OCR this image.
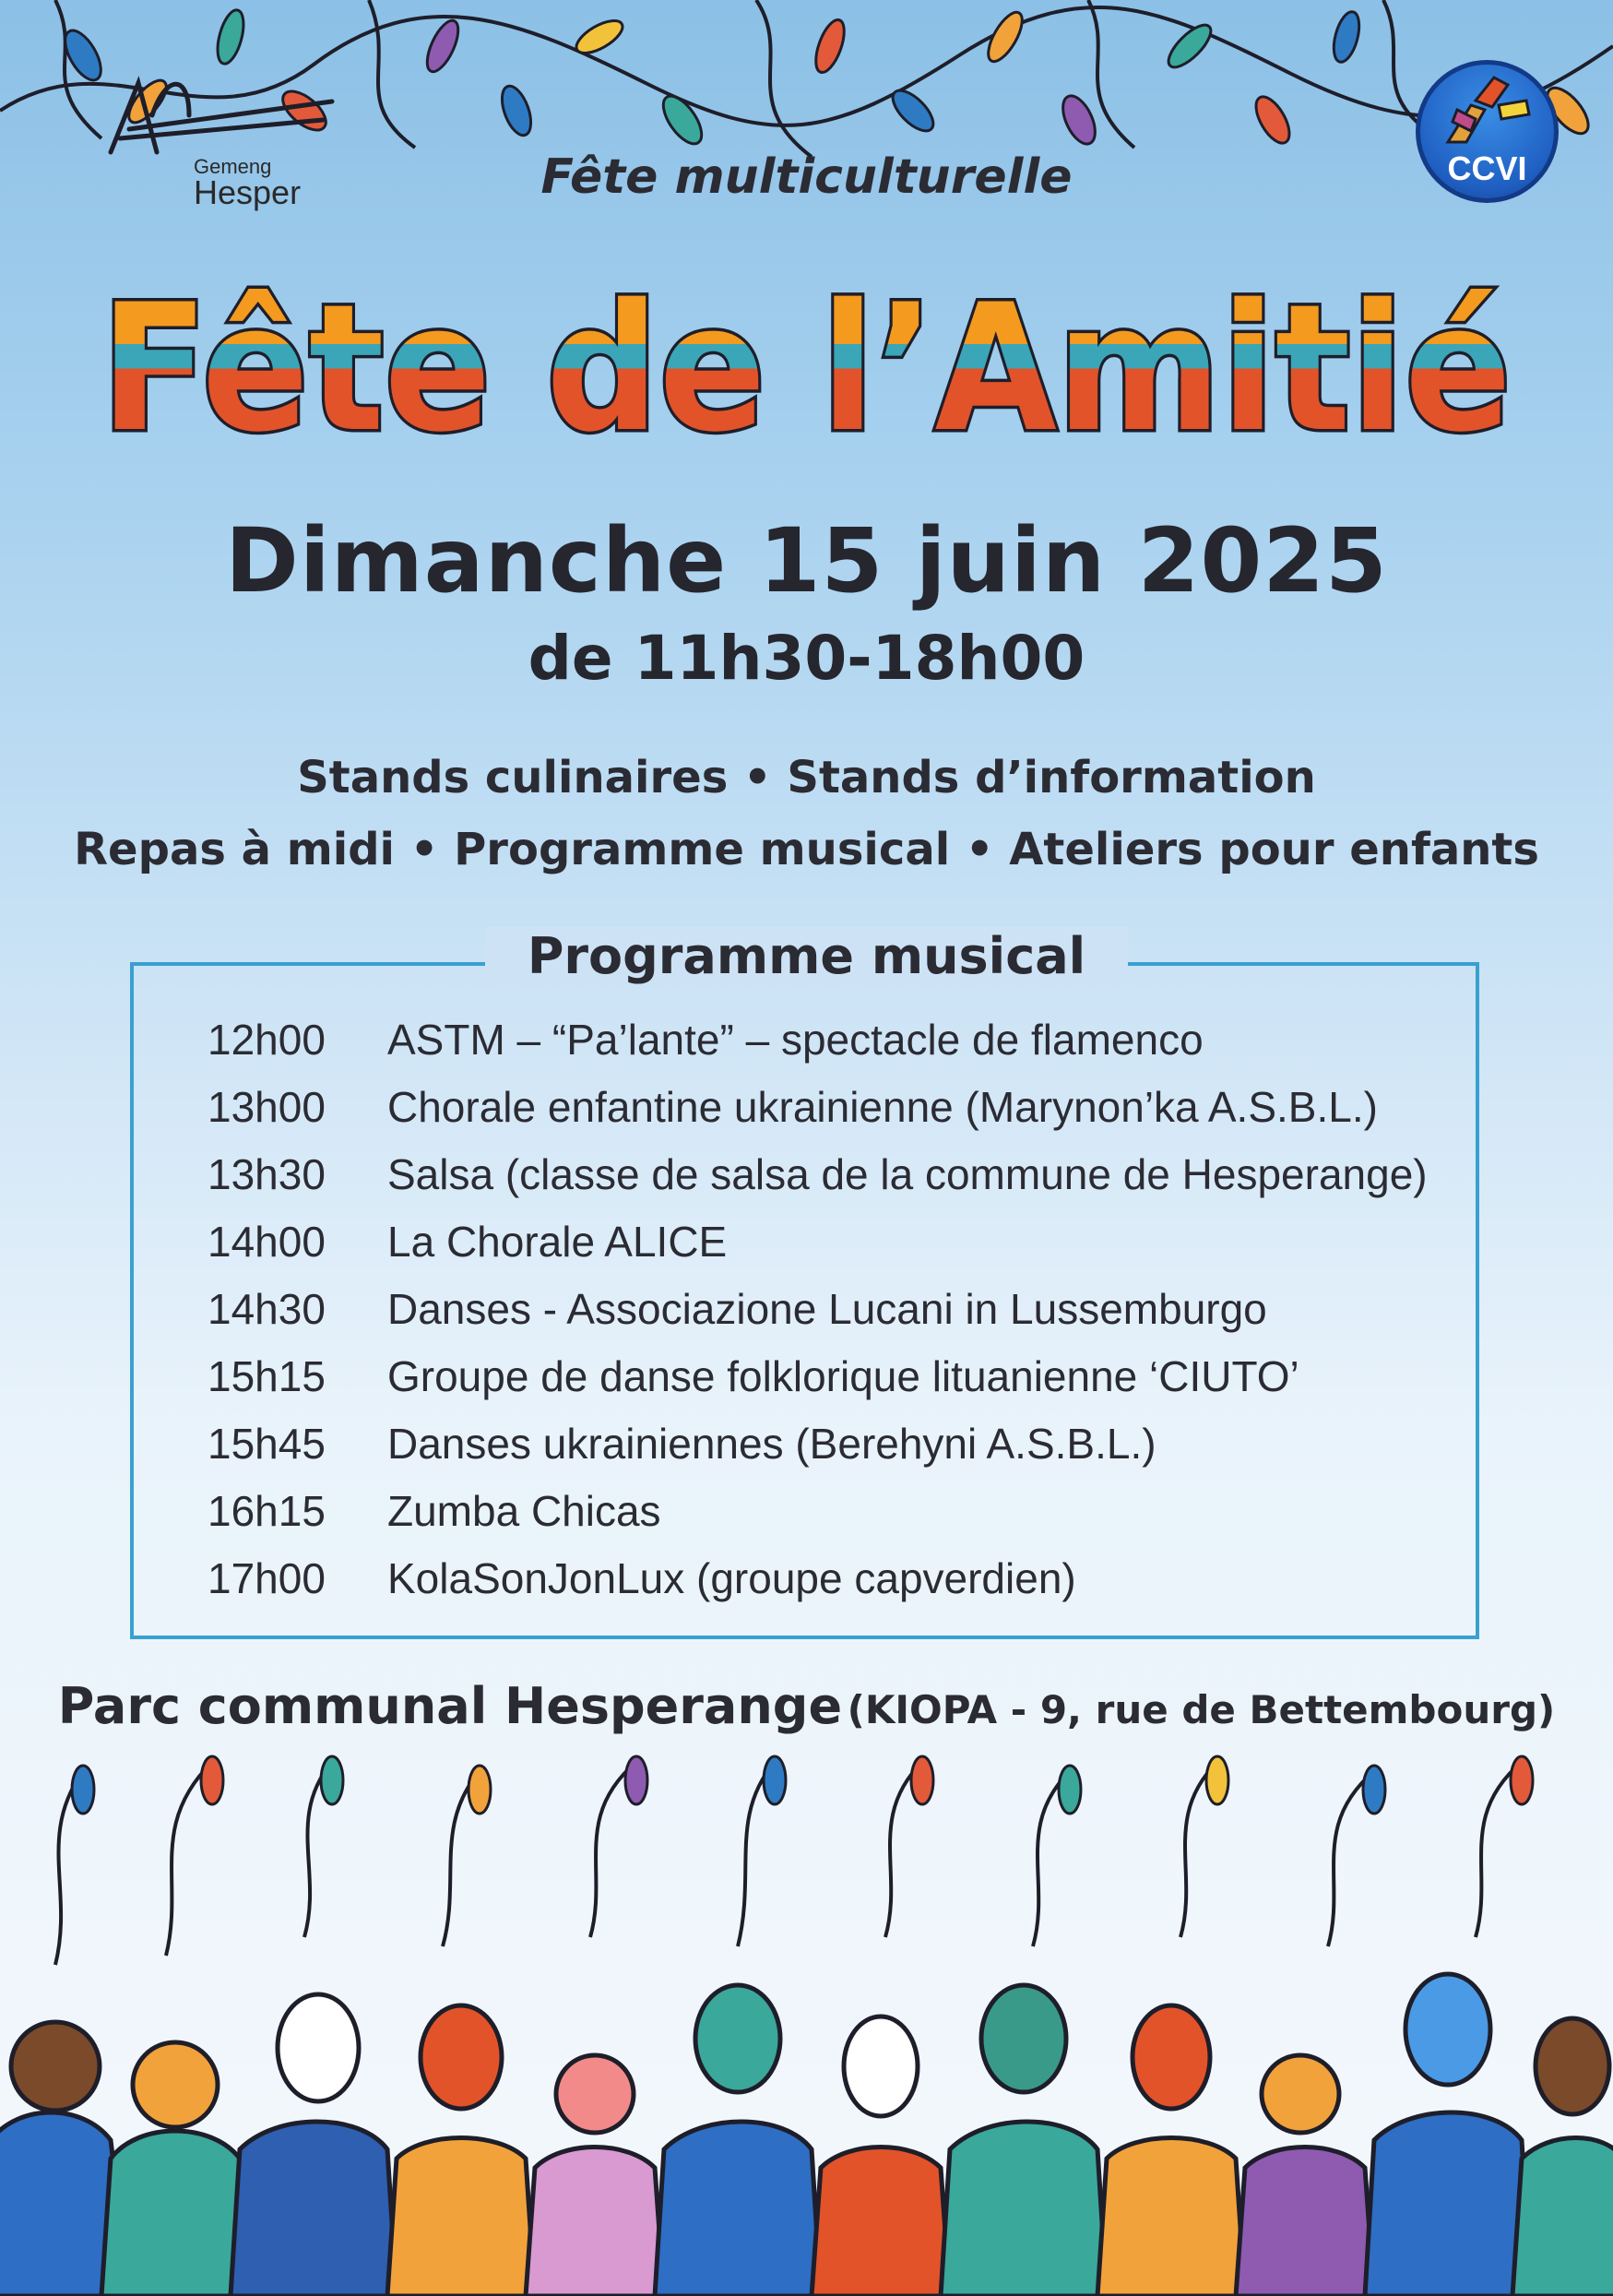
Gemeng
Hesper
CCVI
Fête multiculturelle
Fête de l’Amitié
Dimanche 15 juin 2025
de 11h30-18h00
Stands culinaires • Stands d’information
Repas à midi • Programme musical • Ateliers pour enfants
Programme musical
12h00 ASTM – “Pa’lante” – spectacle de flamenco
13h00 Chorale enfantine ukrainienne (Marynon’ka A.S.B.L.)
13h30 Salsa (classe de salsa de la commune de Hesperange)
14h00 La Chorale ALICE
14h30 Danses - Associazione Lucani in Lussemburgo
15h15 Groupe de danse folklorique lituanienne ‘CIUTO’
15h45 Danses ukrainiennes (Berehyni A.S.B.L.)
16h15 Zumba Chicas
17h00 KolaSonJonLux (groupe capverdien)
Parc communal Hesperange (KIOPA - 9, rue de Bettembourg)
